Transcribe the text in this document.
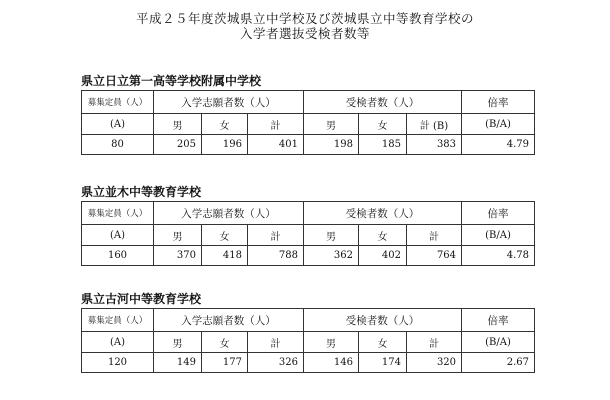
平成２５年度茨城県立中学校及び茨城県立中等教育学校の
入学者選抜受検者数等
県立日立第一高等学校附属中学校
募集定員（人）	入学志願者数（人）			受検者数（人）			倍率
(A)	男	女	計	男	女	計 (B)	(B/A)
80	205	196	401	198	185	383	4.79
県立並木中等教育学校
募集定員（人）	入学志願者数（人）			受検者数（人）			倍率
(A)	男	女	計	男	女	計	(B/A)
160	370	418	788	362	402	764	4.78
県立古河中等教育学校
募集定員（人）	入学志願者数（人）			受検者数（人）			倍率
(A)	男	女	計	男	女	計	(B/A)
120	149	177	326	146	174	320	2.67
